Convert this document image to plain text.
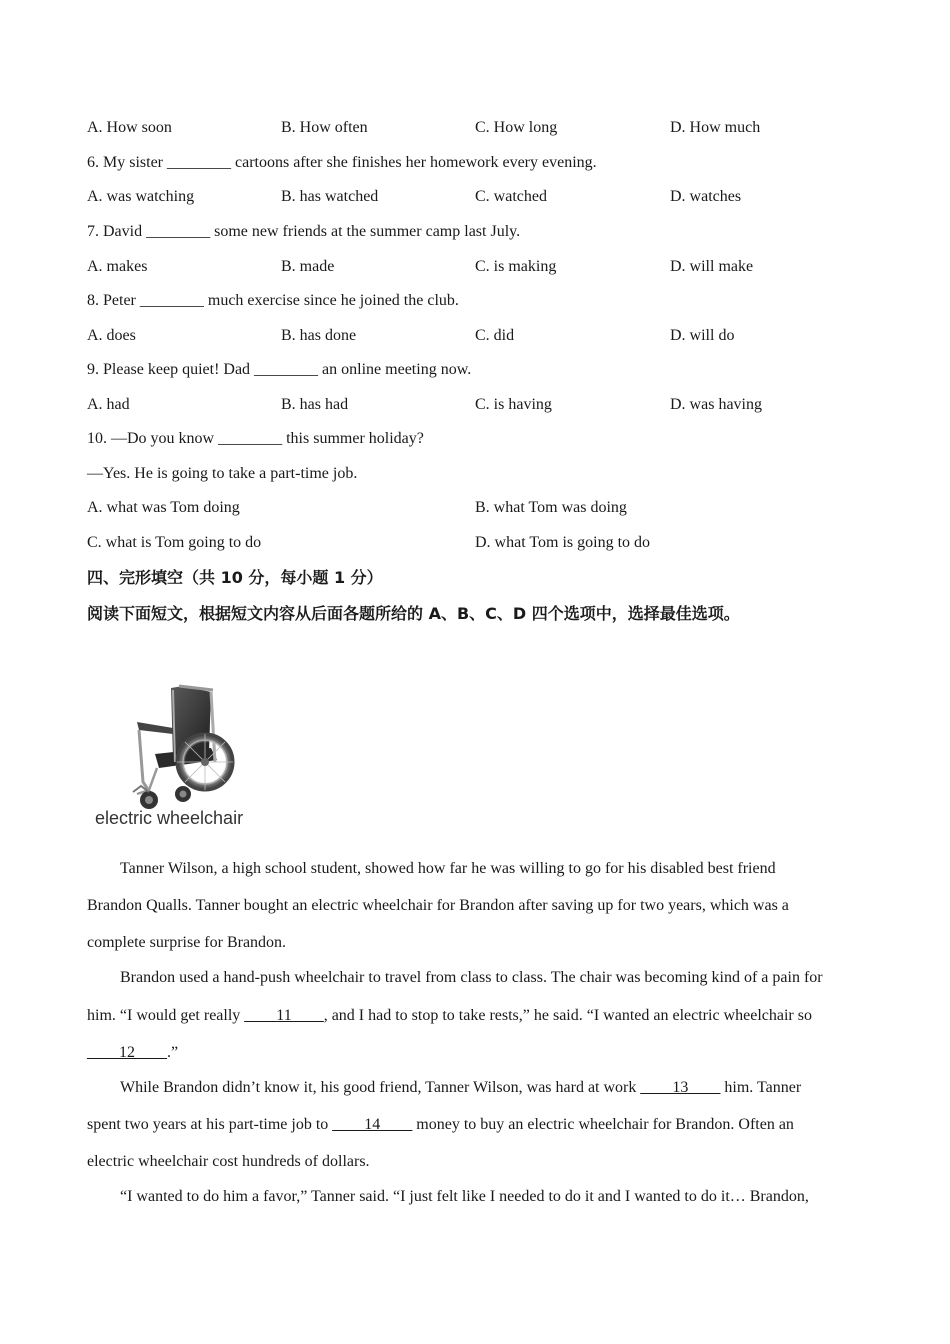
A. How soon	B. How often	C. How long	D. How much
6. My sister ________ cartoons after she finishes her homework every evening.
A. was watching	B. has watched	C. watched	D. watches
7. David ________ some new friends at the summer camp last July.
A. makes	B. made	C. is making	D. will make
8. Peter ________ much exercise since he joined the club.
A. does	B. has done	C. did	D. will do
9. Please keep quiet! Dad ________ an online meeting now.
A. had	B. has had	C. is having	D. was having
10. —Do you know ________ this summer holiday?
—Yes. He is going to take a part-time job.
A. what was Tom doing	B. what Tom was doing
C. what is Tom going to do	D. what Tom is going to do
四、完形填空（共 10 分，每小题 1 分）
阅读下面短文，根据短文内容从后面各题所给的 A、B、C、D 四个选项中，选择最佳选项。
electric wheelchair
Tanner Wilson, a high school student, showed how far he was willing to go for his disabled best friend
Brandon Qualls. Tanner bought an electric wheelchair for Brandon after saving up for two years, which was a
complete surprise for Brandon.
Brandon used a hand-push wheelchair to travel from class to class. The chair was becoming kind of a pain for
him. “I would get really ____11____, and I had to stop to take rests,” he said. “I wanted an electric wheelchair so
____12____.”
While Brandon didn’t know it, his good friend, Tanner Wilson, was hard at work ____13____ him. Tanner
spent two years at his part-time job to ____14____ money to buy an electric wheelchair for Brandon. Often an
electric wheelchair cost hundreds of dollars.
“I wanted to do him a favor,” Tanner said. “I just felt like I needed to do it and I wanted to do it… Brandon,
